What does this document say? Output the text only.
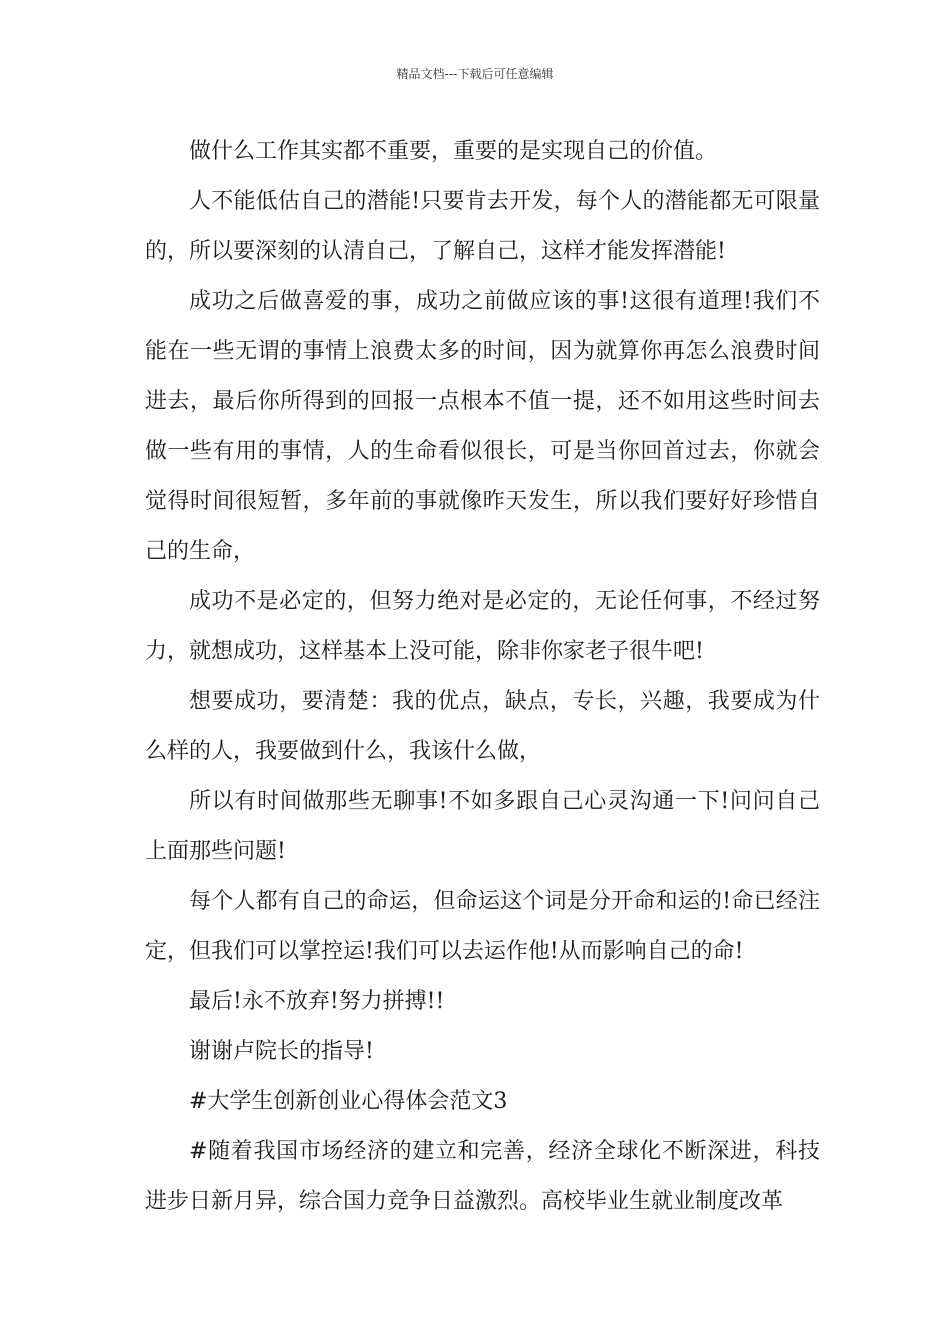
精品文档---下载后可任意编辑

做什么工作其实都不重要，重要的是实现自己的价值。

人不能低估自己的潜能!只要肯去开发，每个人的潜能都无可限量的，所以要深刻的认清自己，了解自己，这样才能发挥潜能!

成功之后做喜爱的事，成功之前做应该的事!这很有道理!我们不能在一些无谓的事情上浪费太多的时间，因为就算你再怎么浪费时间进去，最后你所得到的回报一点根本不值一提，还不如用这些时间去做一些有用的事情，人的生命看似很长，可是当你回首过去，你就会觉得时间很短暂，多年前的事就像昨天发生，所以我们要好好珍惜自己的生命，

成功不是必定的，但努力绝对是必定的，无论任何事，不经过努力，就想成功，这样基本上没可能，除非你家老子很牛吧!

想要成功，要清楚：我的优点，缺点，专长，兴趣，我要成为什么样的人，我要做到什么，我该什么做，

所以有时间做那些无聊事!不如多跟自己心灵沟通一下!问问自己上面那些问题!

每个人都有自己的命运，但命运这个词是分开命和运的!命已经注定，但我们可以掌控运!我们可以去运作他!从而影响自己的命!

最后!永不放弃!努力拼搏!!

谢谢卢院长的指导!

#大学生创新创业心得体会范文3

#随着我国市场经济的建立和完善，经济全球化不断深进，科技进步日新月异，综合国力竞争日益激烈。高校毕业生就业制度改革
